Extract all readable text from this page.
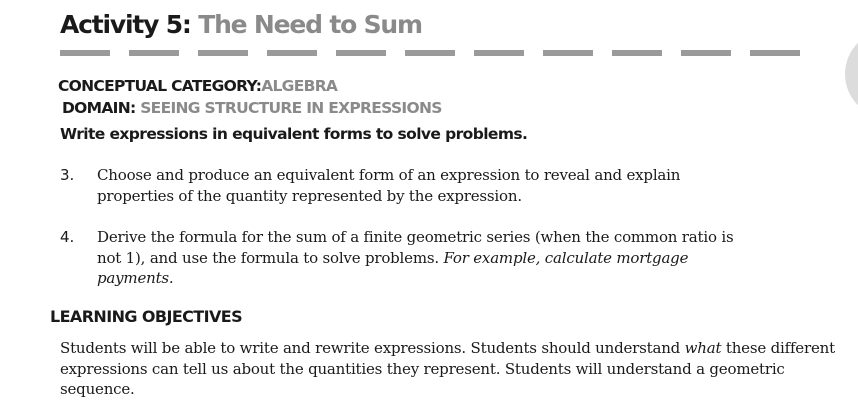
Activity 5: The Need to Sum
CONCEPTUAL CATEGORY:ALGEBRA
DOMAIN: SEEING STRUCTURE IN EXPRESSIONS
Write expressions in equivalent forms to solve problems.
3. Choose and produce an equivalent form of an expression to reveal and explain properties of the quantity represented by the expression.
4. Derive the formula for the sum of a finite geometric series (when the common ratio is not 1), and use the formula to solve problems. For example, calculate mortgage payments.
LEARNING OBJECTIVES
Students will be able to write and rewrite expressions. Students should understand what these different expressions can tell us about the quantities they represent. Students will understand a geometric sequence.
